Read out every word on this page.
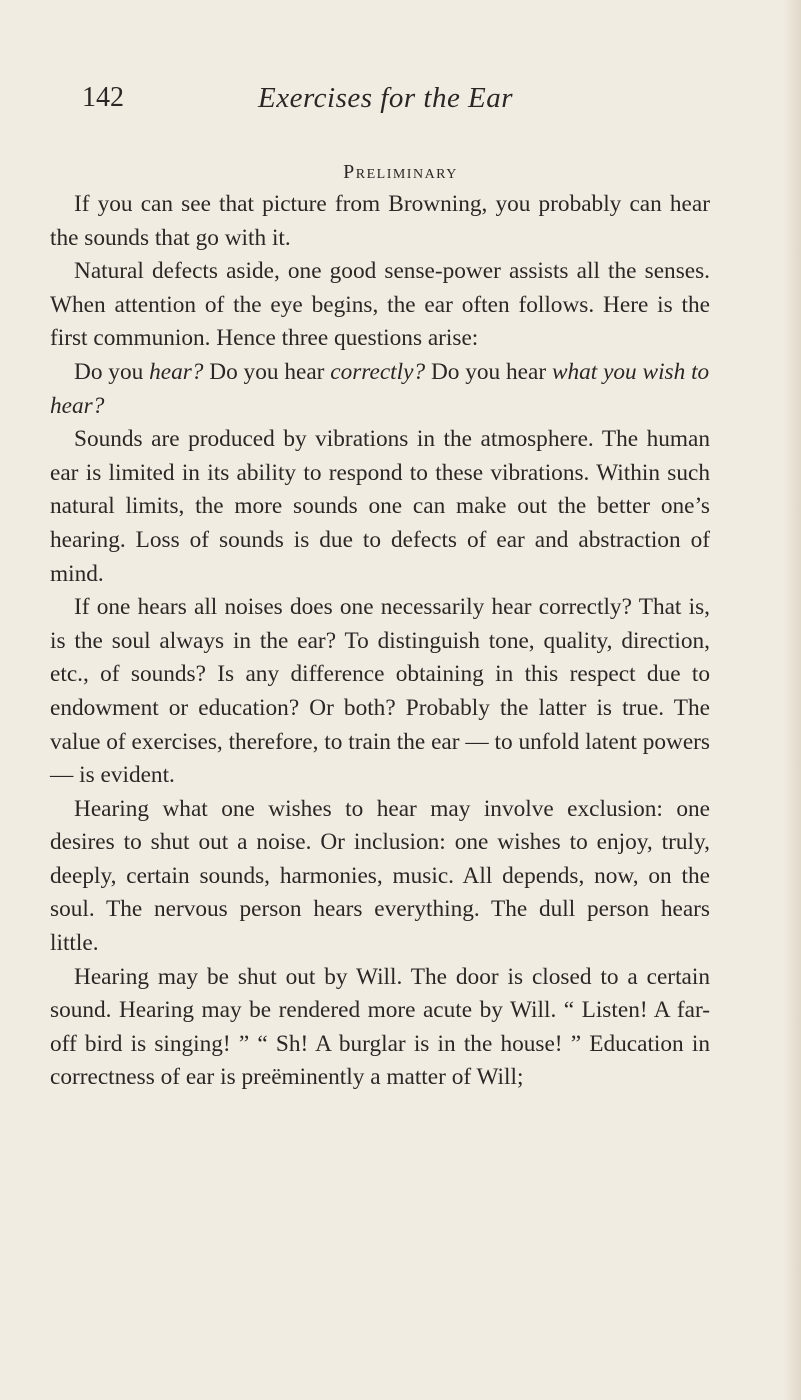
142	Exercises for the Ear
Preliminary

If you can see that picture from Browning, you probably can hear the sounds that go with it.

Natural defects aside, one good sense-power assists all the senses. When attention of the eye begins, the ear often follows. Here is the first communion. Hence three questions arise:

Do you hear? Do you hear correctly? Do you hear what you wish to hear?

Sounds are produced by vibrations in the atmosphere. The human ear is limited in its ability to respond to these vibrations. Within such natural limits, the more sounds one can make out the better one’s hearing. Loss of sounds is due to defects of ear and abstraction of mind.

If one hears all noises does one necessarily hear correctly? That is, is the soul always in the ear? To distinguish tone, quality, direction, etc., of sounds? Is any difference obtaining in this respect due to endowment or education? Or both? Probably the latter is true. The value of exercises, therefore, to train the ear — to unfold latent powers — is evident.

Hearing what one wishes to hear may involve exclusion: one desires to shut out a noise. Or inclusion: one wishes to enjoy, truly, deeply, certain sounds, harmonies, music. All depends, now, on the soul. The nervous person hears everything. The dull person hears little.

Hearing may be shut out by Will. The door is closed to a certain sound. Hearing may be rendered more acute by Will. “ Listen! A far-off bird is singing! ” “ Sh! A burglar is in the house! ” Education in correctness of ear is preëminently a matter of Will;
